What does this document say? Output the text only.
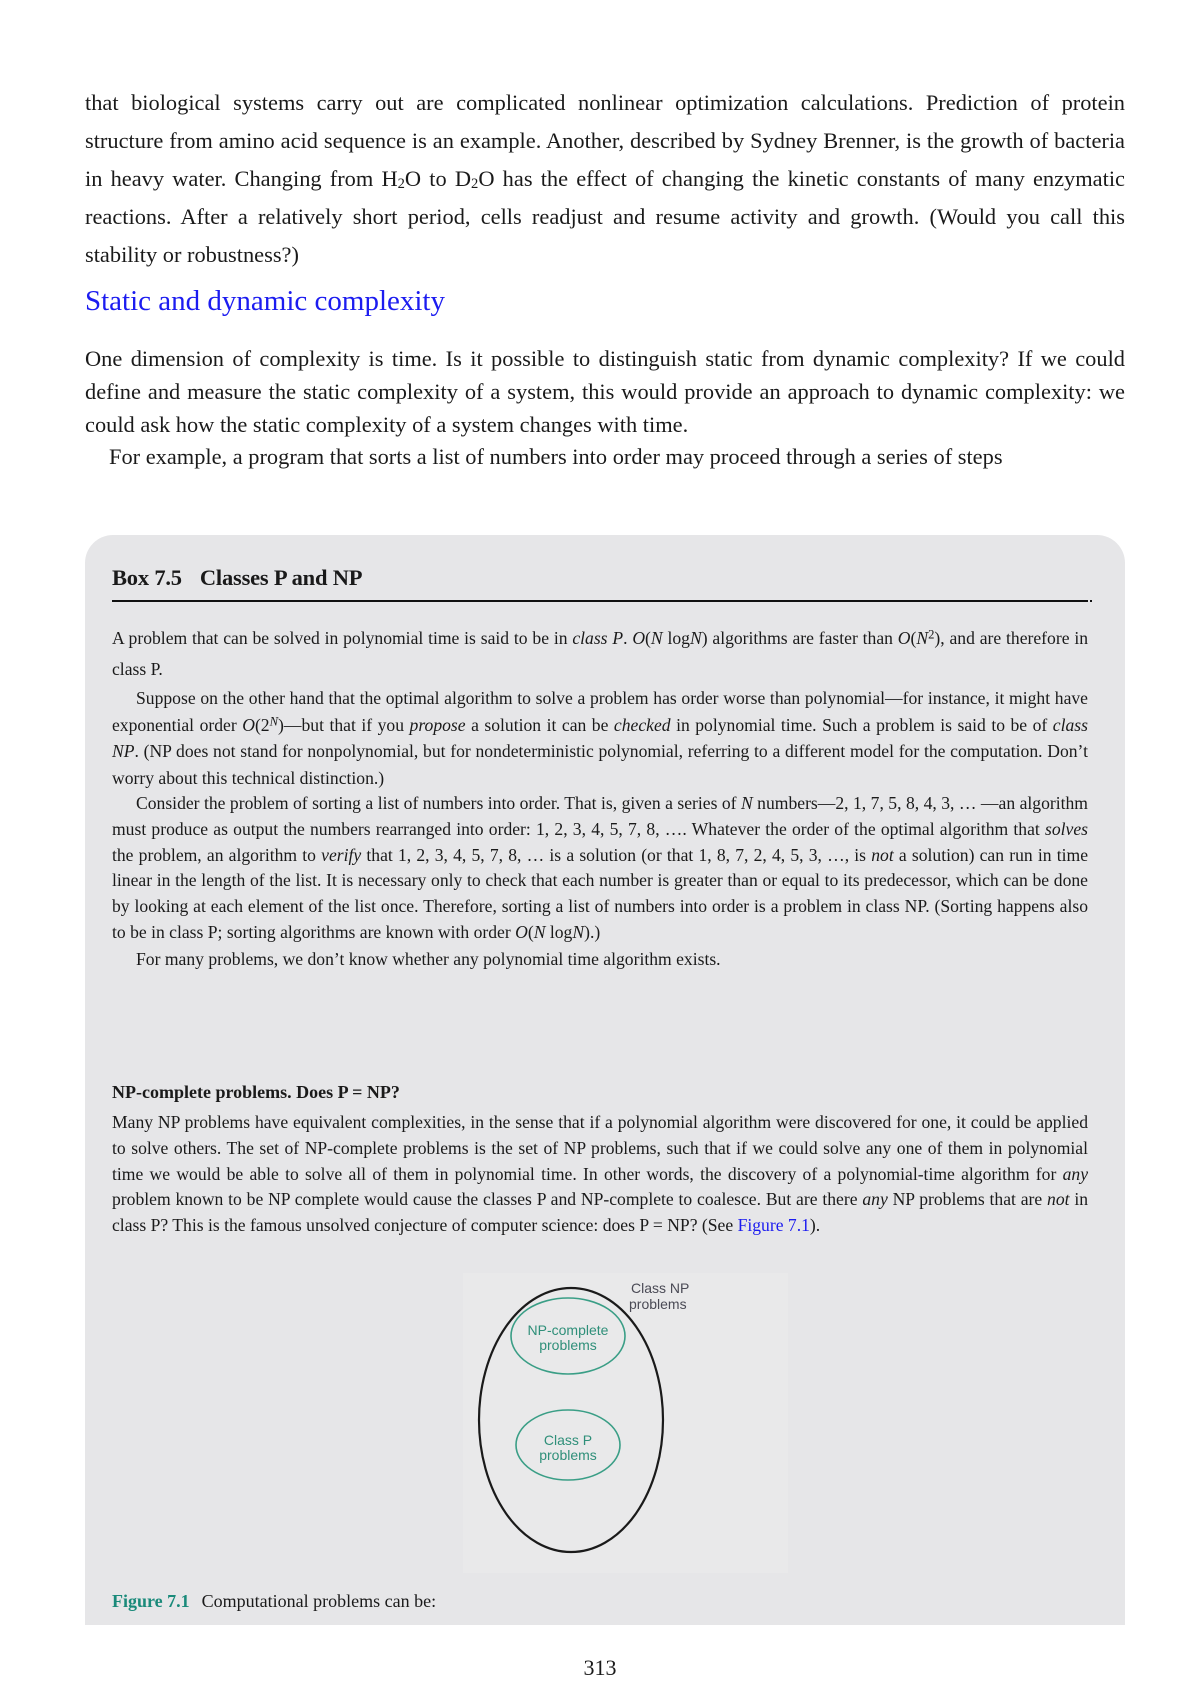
that biological systems carry out are complicated nonlinear optimization calculations. Prediction of protein structure from amino acid sequence is an example. Another, described by Sydney Brenner, is the growth of bacteria in heavy water. Changing from $H_2O$ to $D_2O$ has the effect of changing the kinetic constants of many enzymatic reactions. After a relatively short period, cells readjust and resume activity and growth. (Would you call this stability or robustness?)

Static and dynamic complexity

One dimension of complexity is time. Is it possible to distinguish static from dynamic complexity? If we could define and measure the static complexity of a system, this would provide an approach to dynamic complexity: we could ask how the static complexity of a system changes with time.

For example, a program that sorts a list of numbers into order may proceed through a series of steps

Box 7.5 Classes P and NP

A problem that can be solved in polynomial time is said to be in class P. O(N logN) algorithms are faster than $O(N^2)$, and are therefore in class P.

Suppose on the other hand that the optimal algorithm to solve a problem has order worse than polynomial—for instance, it might have exponential order $O(2^N)—but$ that if you propose a solution it can be checked in polynomial time. Such a problem is said to be of class NP. (NP does not stand for nonpolynomial, but for nondeterministic polynomial, referring to a different model for the computation. Don’t worry about this technical distinction.)

Consider the problem of sorting a list of numbers into order. That is, given a series of N numbers—2, 1, 7, 5, 8, 4, 3, … —an algorithm must produce as output the numbers rearranged into order: 1, 2, 3, 4, 5, 7, 8, …. Whatever the order of the optimal algorithm that solves the problem, an algorithm to verify that 1, 2, 3, 4, 5, 7, 8, … is a solution (or that 1, 8, 7, 2, 4, 5, 3, …, is not a solution) can run in time linear in the length of the list. It is necessary only to check that each number is greater than or equal to its predecessor, which can be done by looking at each element of the list once. Therefore, sorting a list of numbers into order is a problem in class NP. (Sorting happens also to be in class P; sorting algorithms are known with order O(N logN).)

For many problems, we don’t know whether any polynomial time algorithm exists.

NP-complete problems. Does P = NP?

Many NP problems have equivalent complexities, in the sense that if a polynomial algorithm were discovered for one, it could be applied to solve others. The set of NP-complete problems is the set of NP problems, such that if we could solve any one of them in polynomial time we would be able to solve all of them in polynomial time. In other words, the discovery of a polynomial-time algorithm for any problem known to be NP complete would cause the classes P and NP-complete to coalesce. But are there any NP problems that are not in class P? This is the famous unsolved conjecture of computer science: does P = NP? (See Figure 7.1).

Class NP
problems
NP-complete
problems
Class P
problems

Figure 7.1 Computational problems can be:

313
